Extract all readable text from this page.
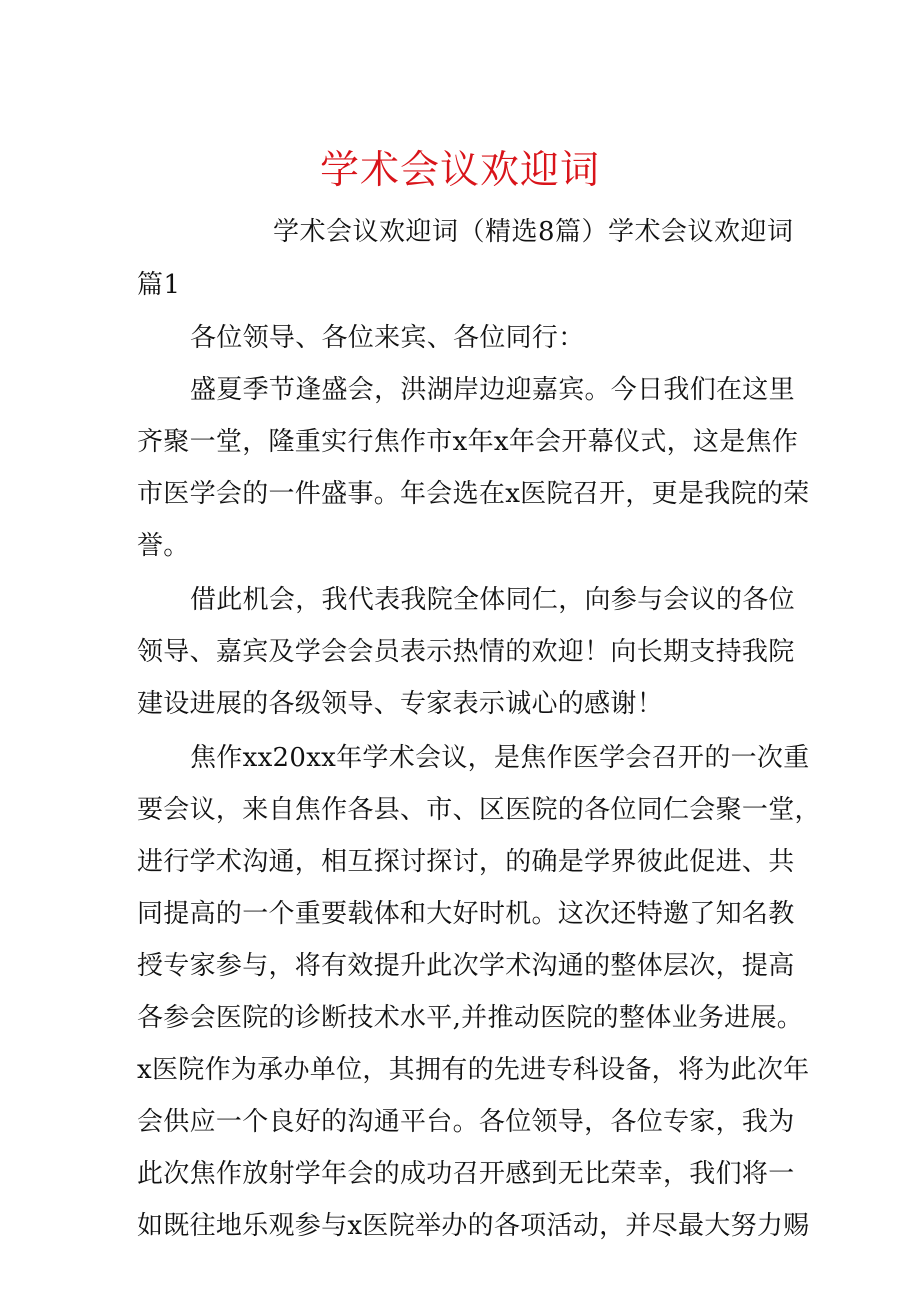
学术会议欢迎词
学术会议欢迎词（精选8篇）学术会议欢迎词
篇1
各位领导、各位来宾、各位同行：
盛夏季节逢盛会，洪湖岸边迎嘉宾。今日我们在这里
齐聚一堂，隆重实行焦作市x年x年会开幕仪式，这是焦作
市医学会的一件盛事。年会选在x医院召开，更是我院的荣
誉。
借此机会，我代表我院全体同仁，向参与会议的各位
领导、嘉宾及学会会员表示热情的欢迎！向长期支持我院
建设进展的各级领导、专家表示诚心的感谢！
焦作xx20xx年学术会议，是焦作医学会召开的一次重
要会议，来自焦作各县、市、区医院的各位同仁会聚一堂，
进行学术沟通，相互探讨探讨，的确是学界彼此促进、共
同提高的一个重要载体和大好时机。这次还特邀了知名教
授专家参与，将有效提升此次学术沟通的整体层次，提高
各参会医院的诊断技术水平,并推动医院的整体业务进展。
x医院作为承办单位，其拥有的先进专科设备，将为此次年
会供应一个良好的沟通平台。各位领导，各位专家，我为
此次焦作放射学年会的成功召开感到无比荣幸，我们将一
如既往地乐观参与x医院举办的各项活动，并尽最大努力赐
